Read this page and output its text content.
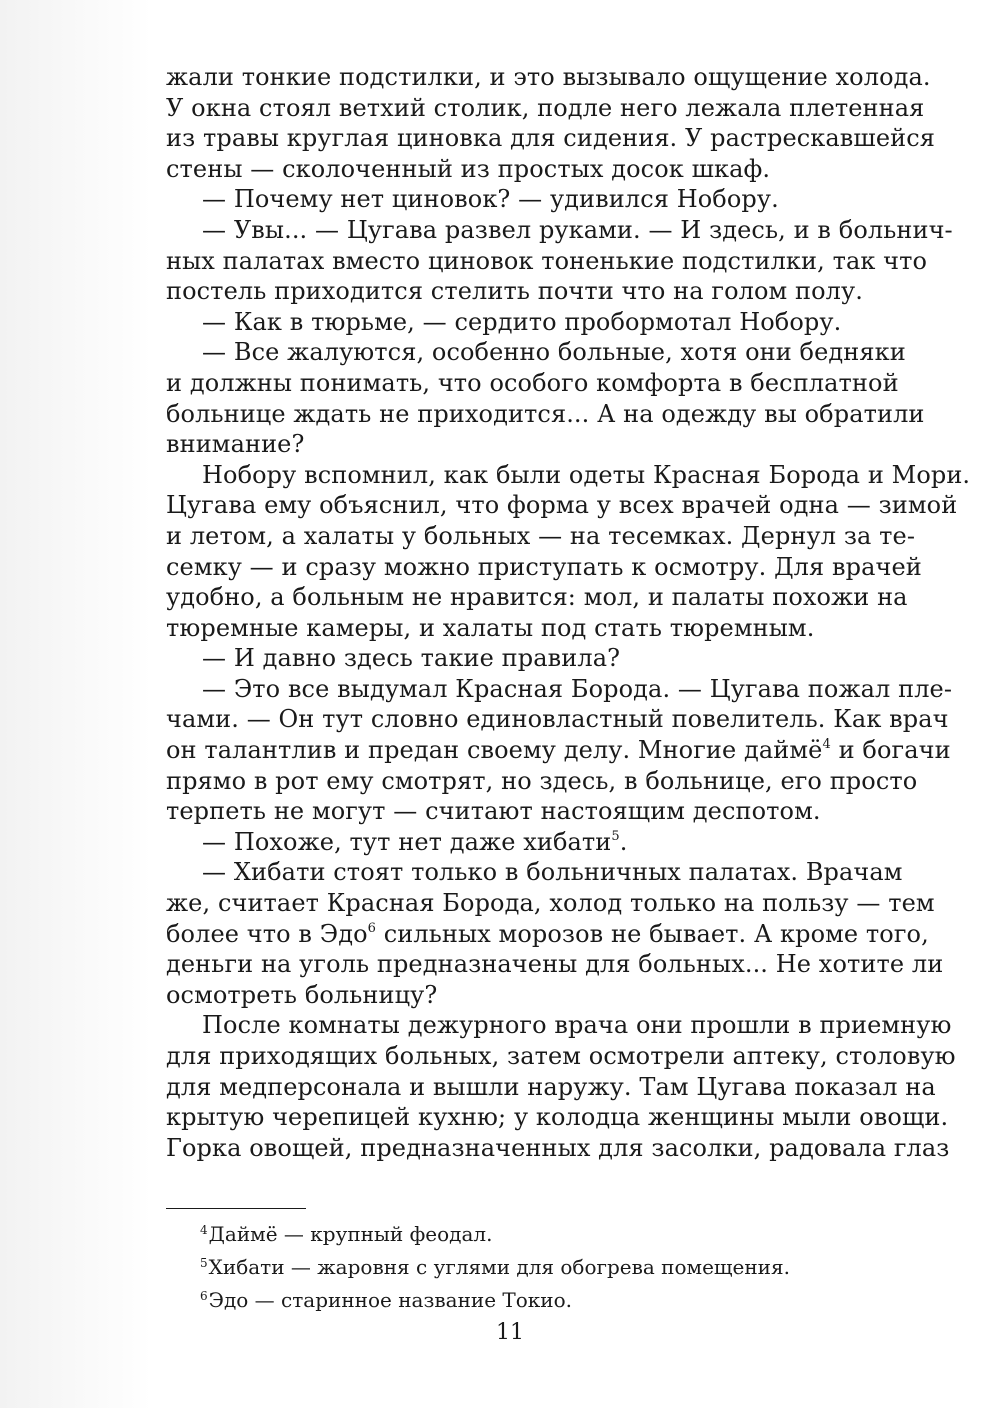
жали тонкие подстилки, и это вызывало ощущение холода.
У окна стоял ветхий столик, подле него лежала плетенная
из травы круглая циновка для сидения. У растрескавшейся
стены — сколоченный из простых досок шкаф.
— Почему нет циновок? — удивился Нобору.
— Увы... — Цугава развел руками. — И здесь, и в больнич-
ных палатах вместо циновок тоненькие подстилки, так что
постель приходится стелить почти что на голом полу.
— Как в тюрьме, — сердито пробормотал Нобору.
— Все жалуются, особенно больные, хотя они бедняки
и должны понимать, что особого комфорта в бесплатной
больнице ждать не приходится... А на одежду вы обратили
внимание?
Нобору вспомнил, как были одеты Красная Борода и Мори.
Цугава ему объяснил, что форма у всех врачей одна — зимой
и летом, а халаты у больных — на тесемках. Дернул за те-
семку — и сразу можно приступать к осмотру. Для врачей
удобно, а больным не нравится: мол, и палаты похожи на
тюремные камеры, и халаты под стать тюремным.
— И давно здесь такие правила?
— Это все выдумал Красная Борода. — Цугава пожал пле-
чами. — Он тут словно единовластный повелитель. Как врач
он талантлив и предан своему делу. Многие даймё$^4$ и богачи
прямо в рот ему смотрят, но здесь, в больнице, его просто
терпеть не могут — считают настоящим деспотом.
— Похоже, тут нет даже хибати$^5$.
— Хибати стоят только в больничных палатах. Врачам
же, считает Красная Борода, холод только на пользу — тем
более что в Эдо$^6$ сильных морозов не бывает. А кроме того,
деньги на уголь предназначены для больных... Не хотите ли
осмотреть больницу?
После комнаты дежурного врача они прошли в приемную
для приходящих больных, затем осмотрели аптеку, столовую
для медперсонала и вышли наружу. Там Цугава показал на
крытую черепицей кухню; у колодца женщины мыли овощи.
Горка овощей, предназначенных для засолки, радовала глаз
$^4$Даймё — крупный феодал.
$^5$Хибати — жаровня с углями для обогрева помещения.
$^6$Эдо — старинное название Токио.
11
